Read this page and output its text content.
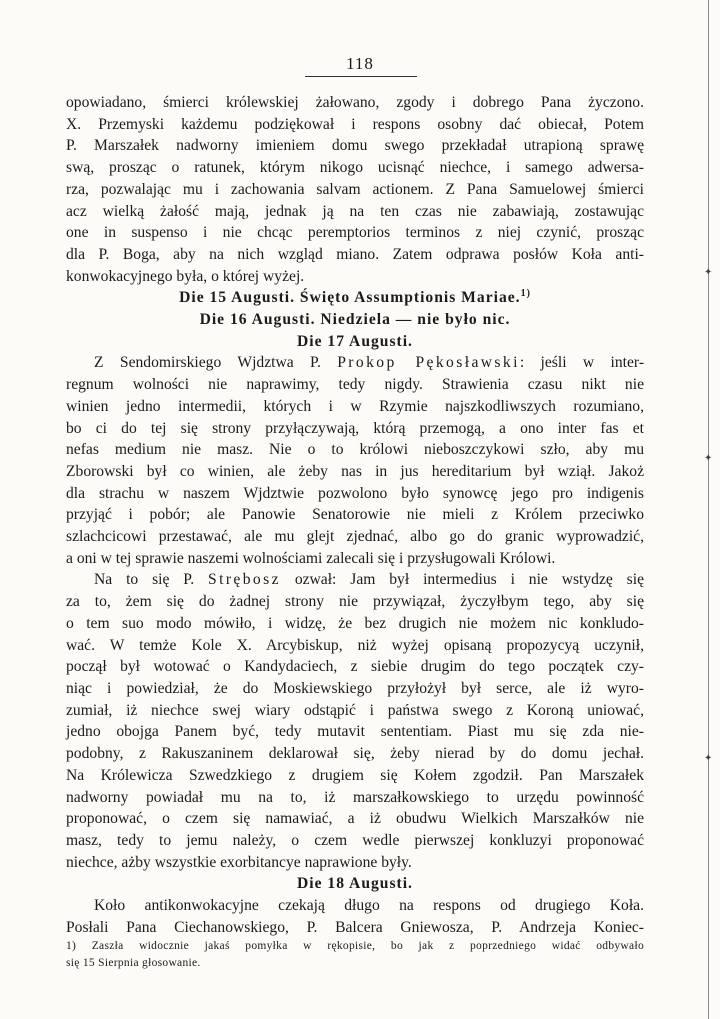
118

opowiadano, śmierci królewskiej żałowano, zgody i dobrego Pana życzono.

X. Przemyski każdemu podziękował i respons osobny dać obiecał, Potem

P. Marszałek nadworny imieniem domu swego przekładał utrapioną sprawę

swą, prosząc o ratunek, którym nikogo ucisnąć niechce, i samego adwersa-

rza, pozwalając mu i zachowania salvam actionem. Z Pana Samuelowej śmierci

acz wielką żałość mają, jednak ją na ten czas nie zabawiają, zostawując

one in suspenso i nie chcąc peremptorios terminos z niej czynić, prosząc

dla P. Boga, aby na nich wzgląd miano. Zatem odprawa posłów Koła anti-

konwokacyjnego była, o której wyżej.

Die 15 Augusti. Święto Assumptionis Mariae.$^{1)}$

Die 16 Augusti. Niedziela — nie było nic.

Die 17 Augusti.

Z Sendomirskiego Wjdztwa P. Prokop Pękosławski: jeśli w inter-

regnum wolności nie naprawimy, tedy nigdy. Strawienia czasu nikt nie

winien jedno intermedii, których i w Rzymie najszkodliwszych rozumiano,

bo ci do tej się strony przyłączywają, którą przemogą, a ono inter fas et

nefas medium nie masz. Nie o to królowi nieboszczykowi szło, aby mu

Zborowski był co winien, ale żeby nas in jus hereditarium był wziął. Jakoż

dla strachu w naszem Wjdztwie pozwolono było synowcę jego pro indigenis

przyjąć i pobór; ale Panowie Senatorowie nie mieli z Królem przeciwko

szlachcicowi przestawać, ale mu glejt zjednać, albo go do granic wyprowadzić,

a oni w tej sprawie naszemi wolnościami zalecali się i przysługowali Królowi.

Na to się P. Strębosz ozwał: Jam był intermedius i nie wstydzę się

za to, żem się do żadnej strony nie przywiązał, życzyłbym tego, aby się

o tem suo modo mówiło, i widzę, że bez drugich nie możem nic konkludo-

wać. W temże Kole X. Arcybiskup, niż wyżej opisaną propozycyą uczynił,

począł był wotować o Kandydaciech, z siebie drugim do tego początek czy-

niąc i powiedział, że do Moskiewskiego przyłożył był serce, ale iż wyro-

zumiał, iż niechce swej wiary odstąpić i państwa swego z Koroną uniować,

jedno obojga Panem być, tedy mutavit sententiam. Piast mu się zda nie-

podobny, z Rakuszaninem deklarował się, żeby nierad by do domu jechał.

Na Królewicza Szwedzkiego z drugiem się Kołem zgodził. Pan Marszałek

nadworny powiadał mu na to, iż marszałkowskiego to urzędu powinność

proponować, o czem się namawiać, a iż obudwu Wielkich Marszałków nie

masz, tedy to jemu należy, o czem wedle pierwszej konkluzyi proponować

niechce, ażby wszystkie exorbitancye naprawione były.

Die 18 Augusti.

Koło antikonwokacyjne czekają długo na respons od drugiego Koła.

Posłali Pana Ciechanowskiego, P. Balcera Gniewosza, P. Andrzeja Koniec-

1) Zaszła widocznie jakaś pomyłka w rękopisie, bo jak z poprzedniego widać odbywało
się 15 Sierpnia głosowanie.
✦
✦
✦
